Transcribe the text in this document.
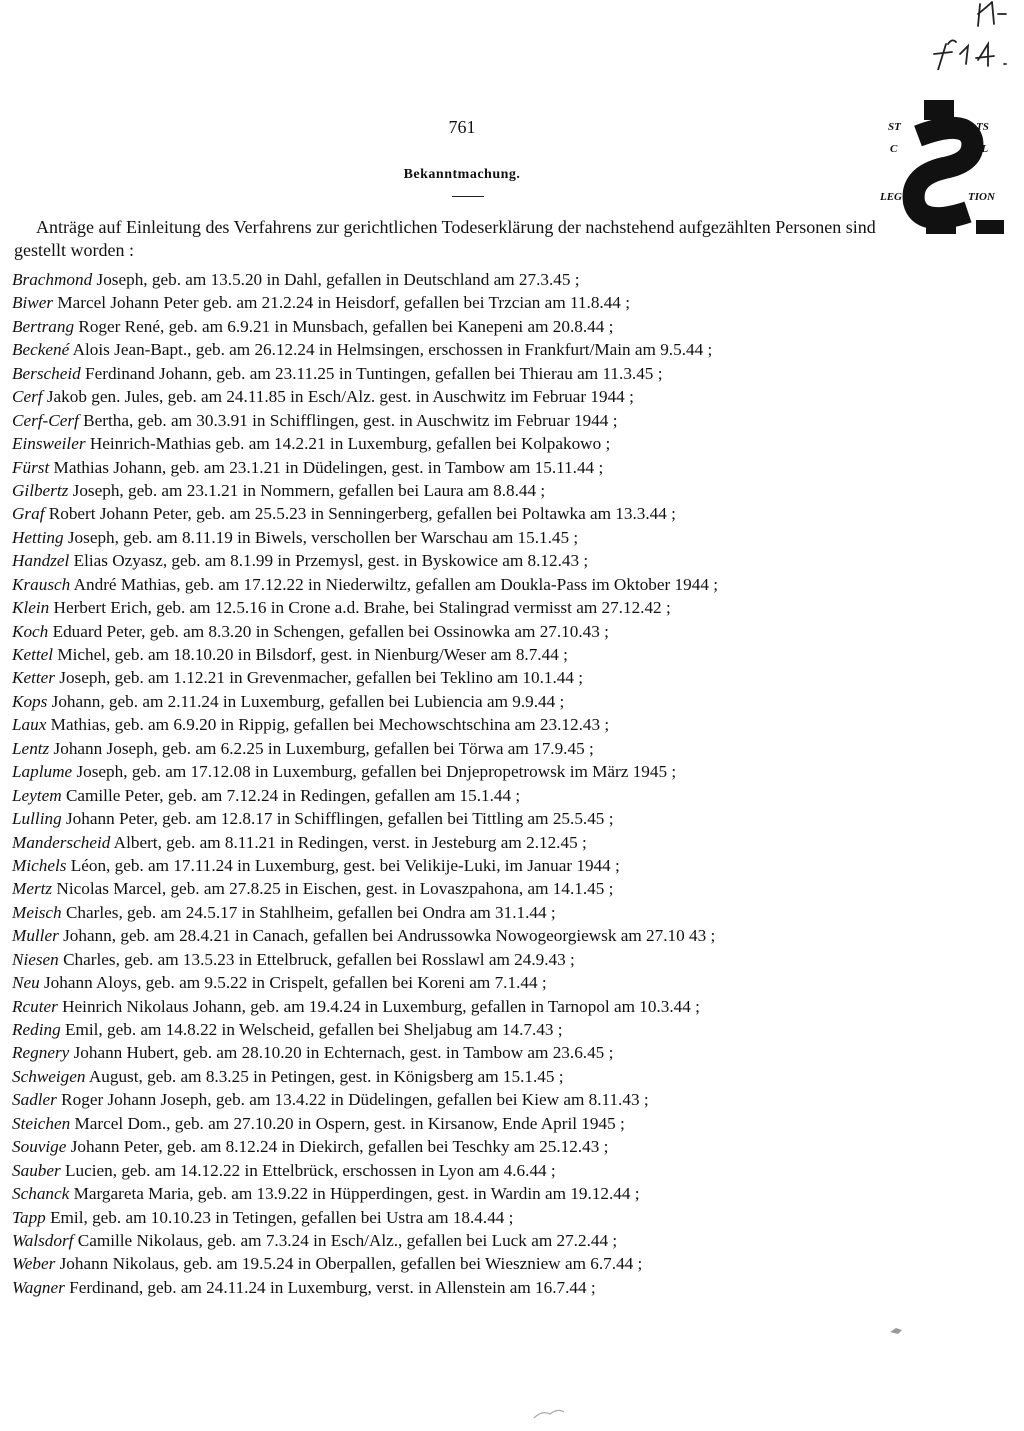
ST	TS
C	AL
LEG	TION
761
Bekanntmachung.
Anträge auf Einleitung des Verfahrens zur gerichtlichen Todeserklärung der nachstehend aufgezählten Personen sind gestellt worden :
Brachmond Joseph, geb. am 13.5.20 in Dahl, gefallen in Deutschland am 27.3.45 ;
Biwer Marcel Johann Peter geb. am 21.2.24 in Heisdorf, gefallen bei Trzcian am 11.8.44 ;
Bertrang Roger René, geb. am 6.9.21 in Munsbach, gefallen bei Kanepeni am 20.8.44 ;
Beckené Alois Jean-Bapt., geb. am 26.12.24 in Helmsingen, erschossen in Frankfurt/Main am 9.5.44 ;
Berscheid Ferdinand Johann, geb. am 23.11.25 in Tuntingen, gefallen bei Thierau am 11.3.45 ;
Cerf Jakob gen. Jules, geb. am 24.11.85 in Esch/Alz. gest. in Auschwitz im Februar 1944 ;
Cerf-Cerf Bertha, geb. am 30.3.91 in Schifflingen, gest. in Auschwitz im Februar 1944 ;
Einsweiler Heinrich-Mathias geb. am 14.2.21 in Luxemburg, gefallen bei Kolpakowo ;
Fürst Mathias Johann, geb. am 23.1.21 in Düdelingen, gest. in Tambow am 15.11.44 ;
Gilbertz Joseph, geb. am 23.1.21 in Nommern, gefallen bei Laura am 8.8.44 ;
Graf Robert Johann Peter, geb. am 25.5.23 in Senningerberg, gefallen bei Poltawka am 13.3.44 ;
Hetting Joseph, geb. am 8.11.19 in Biwels, verschollen ber Warschau am 15.1.45 ;
Handzel Elias Ozyasz, geb. am 8.1.99 in Przemysl, gest. in Byskowice am 8.12.43 ;
Krausch André Mathias, geb. am 17.12.22 in Niederwiltz, gefallen am Doukla-Pass im Oktober 1944 ;
Klein Herbert Erich, geb. am 12.5.16 in Crone a.d. Brahe, bei Stalingrad vermisst am 27.12.42 ;
Koch Eduard Peter, geb. am 8.3.20 in Schengen, gefallen bei Ossinowka am 27.10.43 ;
Kettel Michel, geb. am 18.10.20 in Bilsdorf, gest. in Nienburg/Weser am 8.7.44 ;
Ketter Joseph, geb. am 1.12.21 in Grevenmacher, gefallen bei Teklino am 10.1.44 ;
Kops Johann, geb. am 2.11.24 in Luxemburg, gefallen bei Lubiencia am 9.9.44 ;
Laux Mathias, geb. am 6.9.20 in Rippig, gefallen bei Mechowschtschina am 23.12.43 ;
Lentz Johann Joseph, geb. am 6.2.25 in Luxemburg, gefallen bei Törwa am 17.9.45 ;
Laplume Joseph, geb. am 17.12.08 in Luxemburg, gefallen bei Dnjepropetrowsk im März 1945 ;
Leytem Camille Peter, geb. am 7.12.24 in Redingen, gefallen am 15.1.44 ;
Lulling Johann Peter, geb. am 12.8.17 in Schifflingen, gefallen bei Tittling am 25.5.45 ;
Manderscheid Albert, geb. am 8.11.21 in Redingen, verst. in Jesteburg am 2.12.45 ;
Michels Léon, geb. am 17.11.24 in Luxemburg, gest. bei Velikije-Luki, im Januar 1944 ;
Mertz Nicolas Marcel, geb. am 27.8.25 in Eischen, gest. in Lovaszpahona, am 14.1.45 ;
Meisch Charles, geb. am 24.5.17 in Stahlheim, gefallen bei Ondra am 31.1.44 ;
Muller Johann, geb. am 28.4.21 in Canach, gefallen bei Andrussowka Nowogeorgiewsk am 27.10 43 ;
Niesen Charles, geb. am 13.5.23 in Ettelbruck, gefallen bei Rosslawl am 24.9.43 ;
Neu Johann Aloys, geb. am 9.5.22 in Crispelt, gefallen bei Koreni am 7.1.44 ;
Rcuter Heinrich Nikolaus Johann, geb. am 19.4.24 in Luxemburg, gefallen in Tarnopol am 10.3.44 ;
Reding Emil, geb. am 14.8.22 in Welscheid, gefallen bei Sheljabug am 14.7.43 ;
Regnery Johann Hubert, geb. am 28.10.20 in Echternach, gest. in Tambow am 23.6.45 ;
Schweigen August, geb. am 8.3.25 in Petingen, gest. in Königsberg am 15.1.45 ;
Sadler Roger Johann Joseph, geb. am 13.4.22 in Düdelingen, gefallen bei Kiew am 8.11.43 ;
Steichen Marcel Dom., geb. am 27.10.20 in Ospern, gest. in Kirsanow, Ende April 1945 ;
Souvige Johann Peter, geb. am 8.12.24 in Diekirch, gefallen bei Teschky am 25.12.43 ;
Sauber Lucien, geb. am 14.12.22 in Ettelbrück, erschossen in Lyon am 4.6.44 ;
Schanck Margareta Maria, geb. am 13.9.22 in Hüpperdingen, gest. in Wardin am 19.12.44 ;
Tapp Emil, geb. am 10.10.23 in Tetingen, gefallen bei Ustra am 18.4.44 ;
Walsdorf Camille Nikolaus, geb. am 7.3.24 in Esch/Alz., gefallen bei Luck am 27.2.44 ;
Weber Johann Nikolaus, geb. am 19.5.24 in Oberpallen, gefallen bei Wieszniew am 6.7.44 ;
Wagner Ferdinand, geb. am 24.11.24 in Luxemburg, verst. in Allenstein am 16.7.44 ;
